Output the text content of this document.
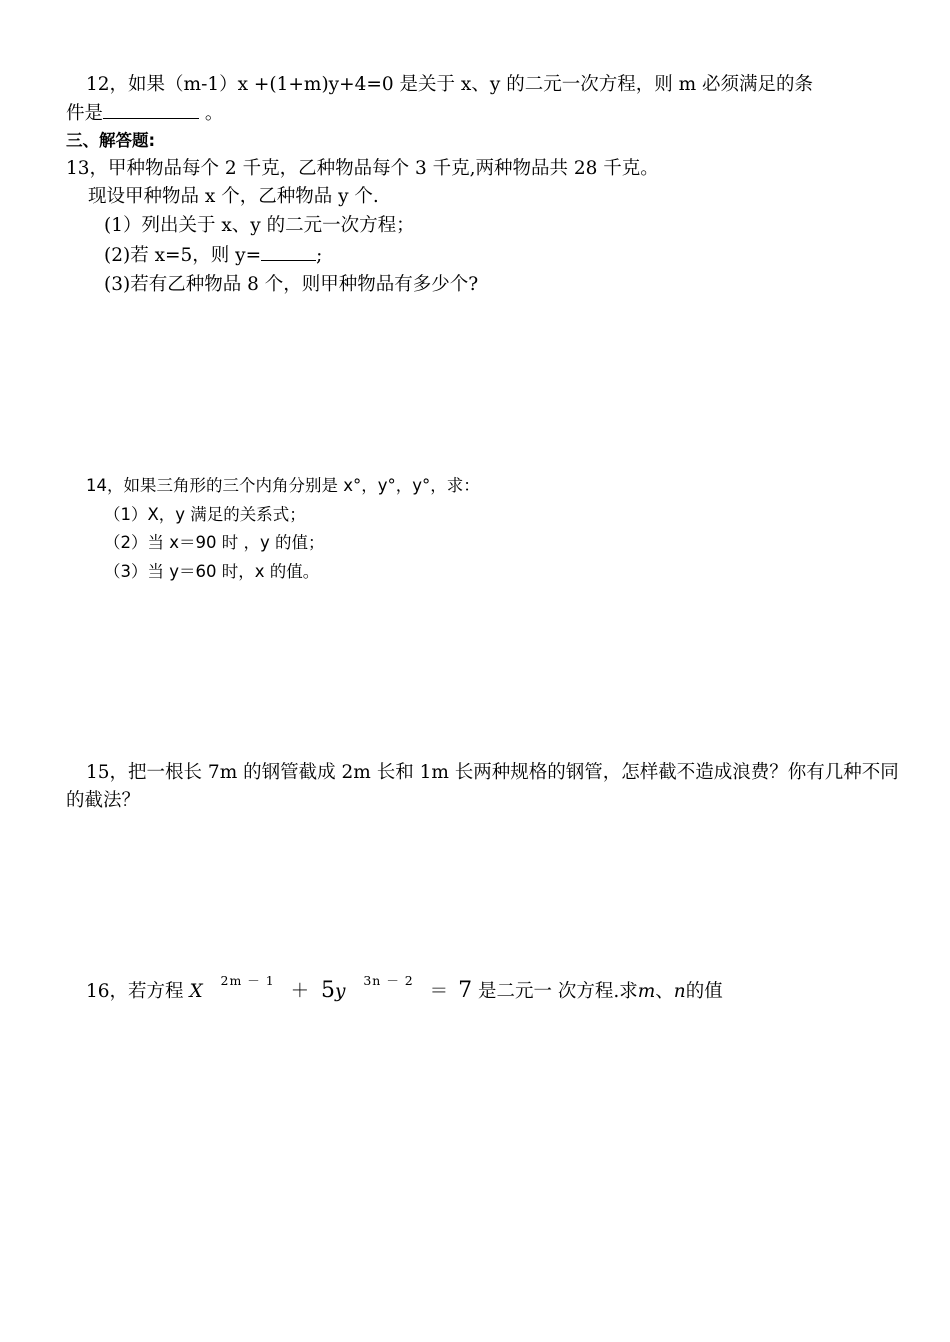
12，如果（m-1）x +(1+m)y+4=0 是关于 x、y 的二元一次方程，则 m 必须满足的条
件是	。
三、解答题:
13，甲种物品每个 2 千克，乙种物品每个 3 千克,两种物品共 28 千克。
现设甲种物品 x 个，乙种物品 y 个.
(1）列出关于 x、y 的二元一次方程；
(2)若 x=5，则 y=	;
(3)若有乙种物品 8 个，则甲种物品有多少个?
14，如果三角形的三个内角分别是 x°，y°，y°，求：
（1）X，y 满足的关系式；
（2）当 x＝90 时 ，y 的值；
（3）当 y＝60 时，x 的值。
15，把一根长 7m 的钢管截成 2m 长和 1m 长两种规格的钢管，怎样截不造成浪费？你有几种不同
的截法？
16，若方程 X $^{2m - 1}$ ＋ 5y $^{3n - 2}$ ＝ 7 是二元一 次方程.求m、n的值
